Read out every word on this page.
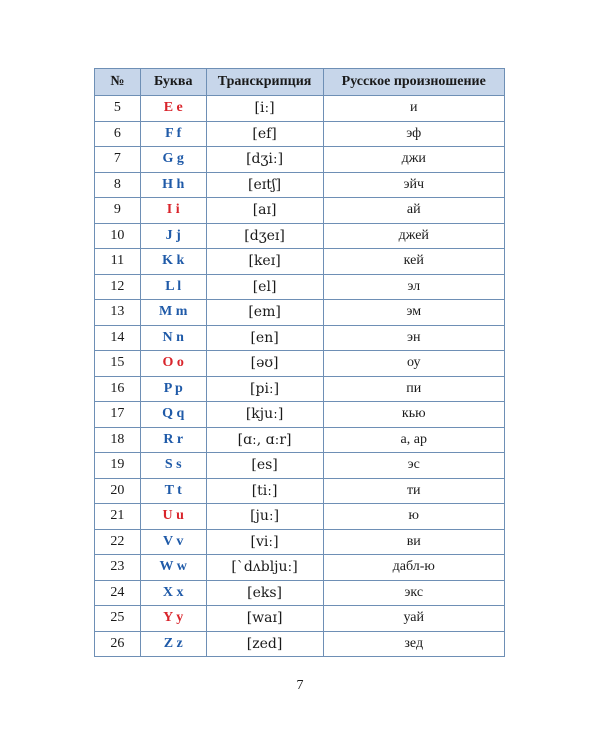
№	Буква	Транскрипция	Русское произношение
5	E e	[iː]	и
6	F f	[ef]	эф
7	G g	[dʒiː]	джи
8	H h	[eɪtʃ]	эйч
9	I i	[aɪ]	ай
10	J j	[dʒeɪ]	джей
11	K k	[keɪ]	кей
12	L l	[el]	эл
13	M m	[em]	эм
14	N n	[en]	эн
15	O o	[əʊ]	оу
16	P p	[piː]	пи
17	Q q	[kjuː]	кью
18	R r	[ɑː, ɑːr]	а, ар
19	S s	[es]	эс
20	T t	[tiː]	ти
21	U u	[juː]	ю
22	V v	[viː]	ви
23	W w	[ˋdʌbljuː]	дабл-ю
24	X x	[eks]	экс
25	Y y	[waɪ]	уай
26	Z z	[zed]	зед
7
